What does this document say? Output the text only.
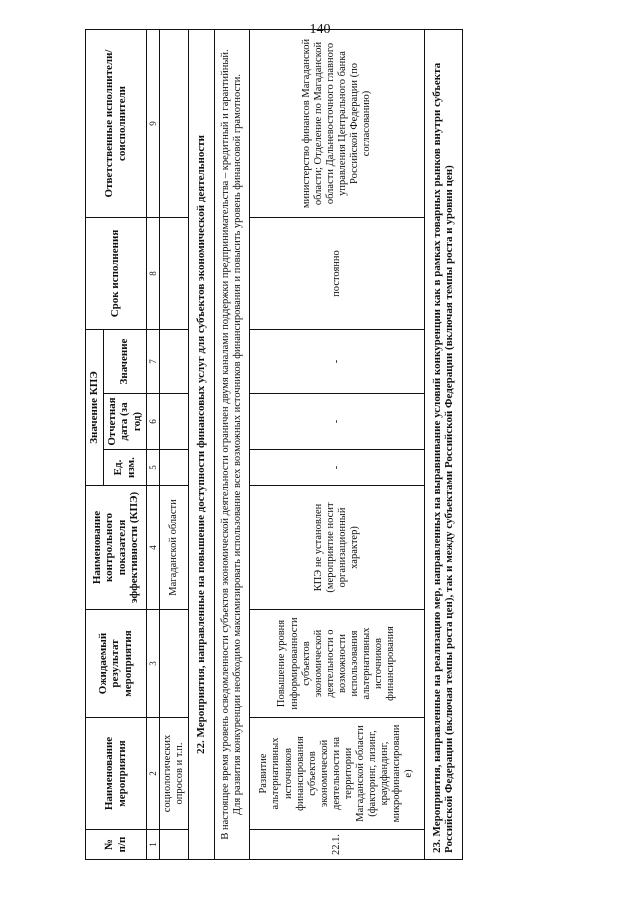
140
№ п/п	Наименование мероприятия	Ожидаемый результат мероприятия	Наименование контрольного показателя эффективности (КПЭ)	Значение КПЭ			Срок исполнения	Ответственные исполнители/ соисполнители
				Ед. изм.	Отчетная дата (за год)	Значение		
1	2	3	4	5	6	7	8	9
	социологических опросов и т.п.		Магаданской области					
22. Мероприятия, направленные на повышение доступности финансовых услуг для субъектов экономической деятельности								
В настоящее время уровень осведомленности субъектов экономической деятельности ограничен двумя каналами поддержки предпринимательства – кредитный и гарантийный. Для развития конкуренции необходимо максимизировать использование всех возможных источников финансирования и повысить уровень финансовой грамотности.								
22.1.	Развитие альтернативных источников финансирования субъектов экономической деятельности на территории Магаданской области (факторинг, лизинг, краудфандинг, микрофинансировани е)	Повышение уровня информированности субъектов экономической деятельности о возможности использования альтернативных источников финансирования	КПЭ не установлен (мероприятие носит организационный характер)	-	-	-	постоянно	министерство финансов Магаданской области; Отделение по Магаданской области Дальневосточного главного управления Центрального банка Российской Федерации (по согласованию)
23. Мероприятия, направленные на реализацию мер, направленных на выравнивание условий конкуренции как в рамках товарных рынков внутри субъекта Российской Федерации (включая темпы роста цен), так и между субъектами Российской Федерации (включая темпы роста и уровни цен)								
